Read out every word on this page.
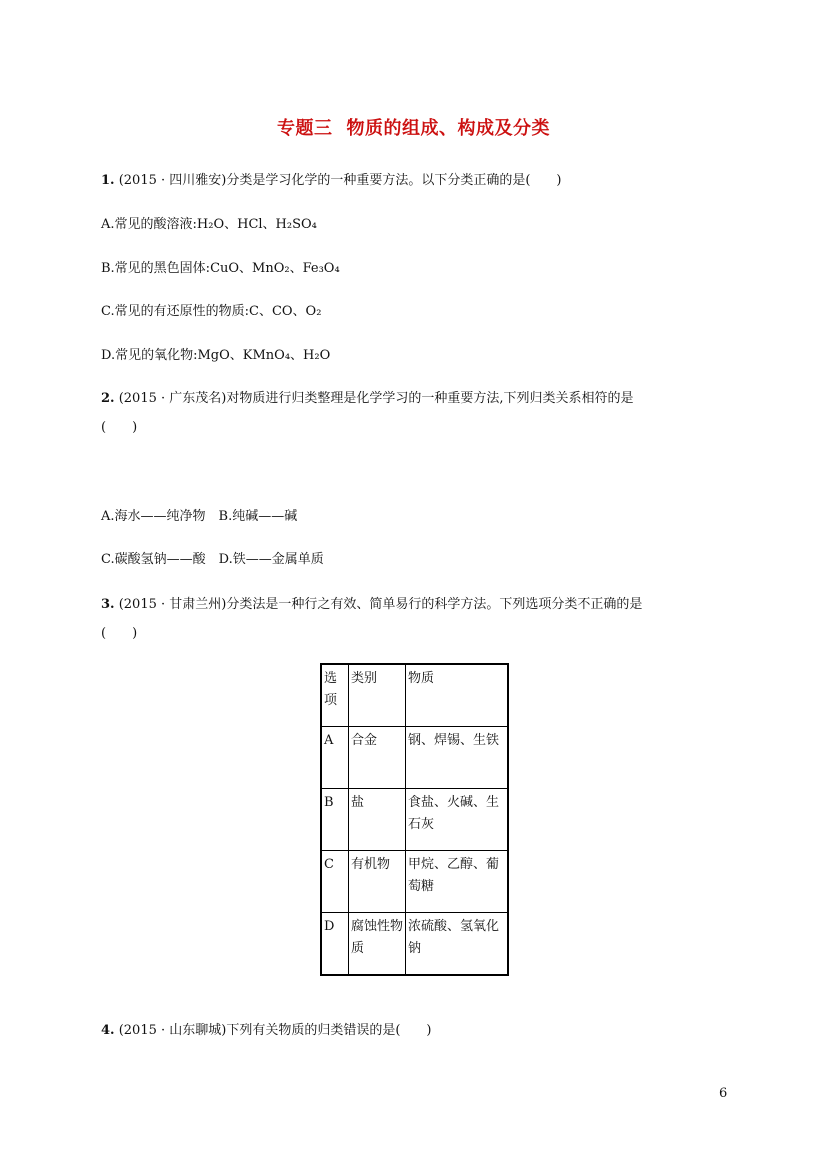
专题三 物质的组成、构成及分类
1. (2015 · 四川雅安)分类是学习化学的一种重要方法。以下分类正确的是(　　)
A.常见的酸溶液:H₂O、HCl、H₂SO₄
B.常见的黑色固体:CuO、MnO₂、Fe₃O₄
C.常见的有还原性的物质:C、CO、O₂
D.常见的氧化物:MgO、KMnO₄、H₂O
2. (2015 · 广东茂名)对物质进行归类整理是化学学习的一种重要方法,下列归类关系相符的是
(　　)
A.海水——纯净物　B.纯碱——碱
C.碳酸氢钠——酸　D.铁——金属单质
3. (2015 · 甘肃兰州)分类法是一种行之有效、简单易行的科学方法。下列选项分类不正确的是
(　　)
选项	类别	物质
A	合金	钢、焊锡、生铁
B	盐	食盐、火碱、生石灰
C	有机物	甲烷、乙醇、葡萄糖
D	腐蚀性物质	浓硫酸、氢氧化钠
4. (2015 · 山东聊城)下列有关物质的归类错误的是(　　)
6
